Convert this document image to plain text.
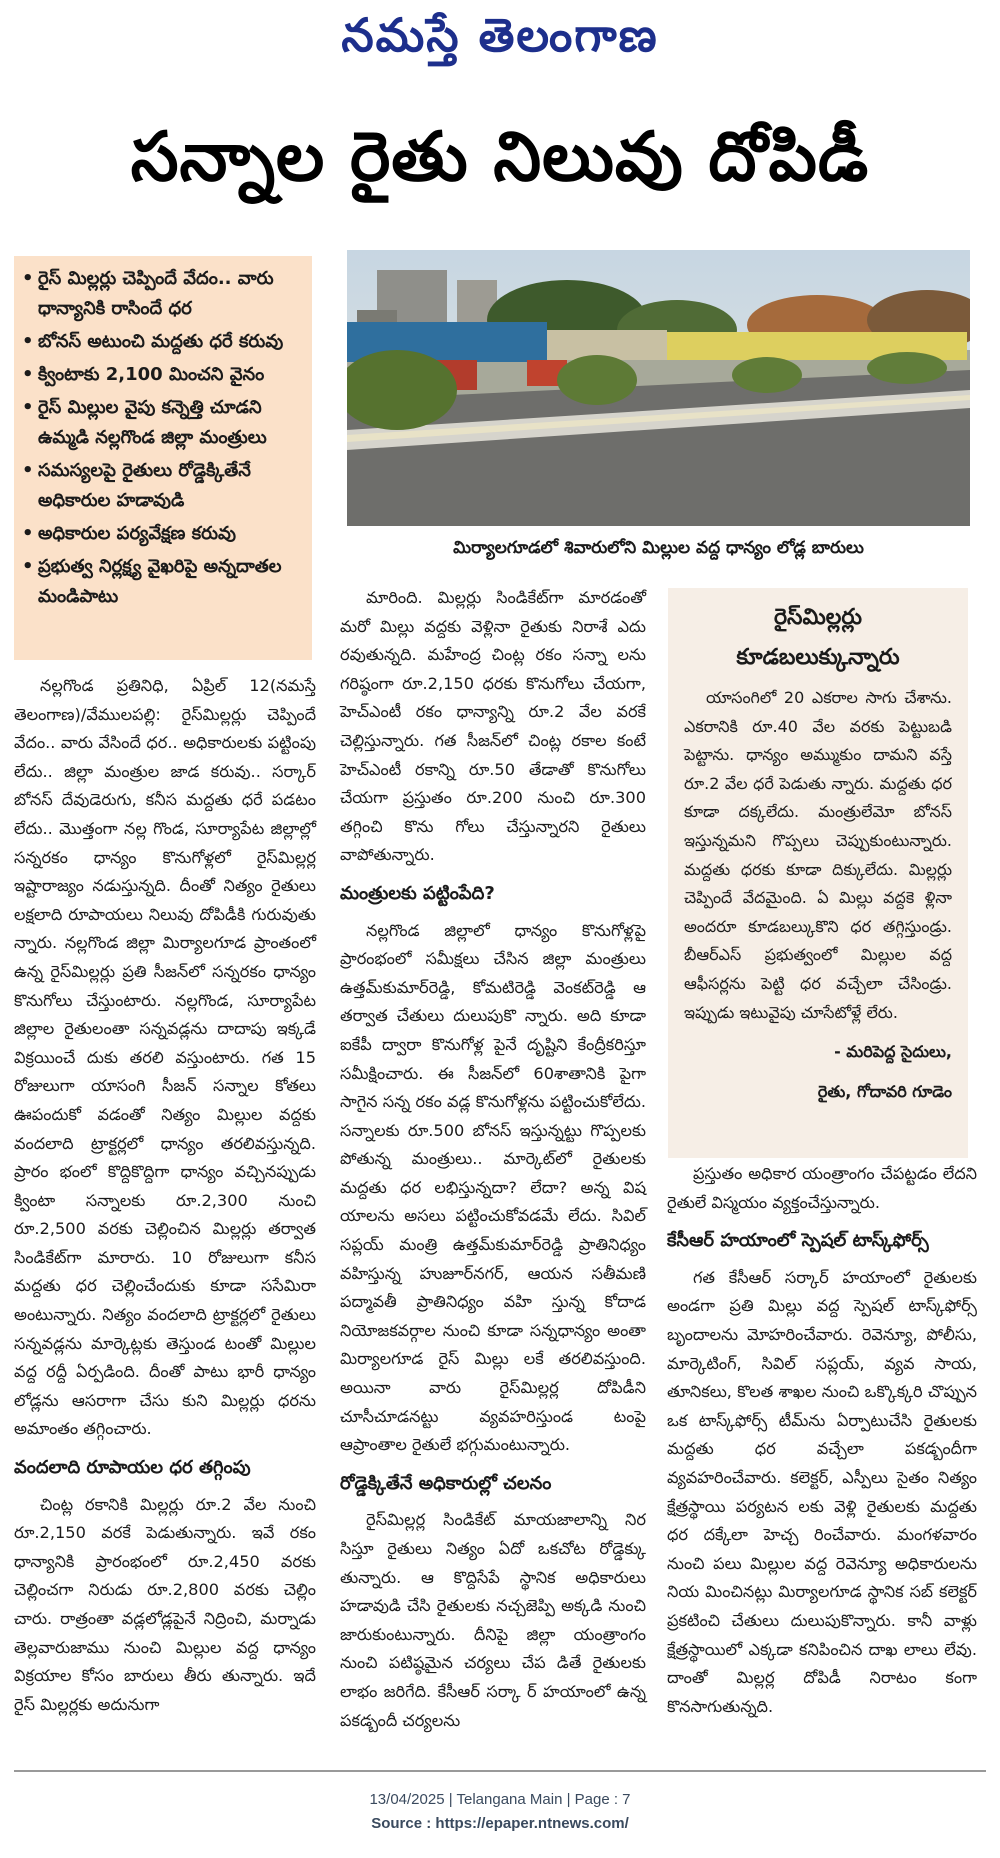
నమస్తే తెలంగాణ
సన్నాల రైతు నిలువు దోపిడీ
• రైస్ మిల్లర్లు చెప్పిందే వేదం.. వారు ధాన్యానికి రాసిందే ధర
• బోనస్ అటుంచి మద్దతు ధరే కరువు
• క్వింటాకు 2,100 మించని వైనం
• రైస్ మిల్లుల వైపు కన్నెత్తి చూడని ఉమ్మడి నల్లగొండ జిల్లా మంత్రులు
• సమస్యలపై రైతులు రోడ్డెక్కితేనే అధికారుల హడావుడి
• అధికారుల పర్యవేక్షణ కరువు
• ప్రభుత్వ నిర్లక్ష్య వైఖరిపై అన్నదాతల మండిపాటు
మిర్యాలగూడలో శివారులోని మిల్లుల వద్ద ధాన్యం లోడ్ల బారులు

నల్లగొండ ప్రతినిధి, ఏప్రిల్ 12(నమస్తే తెలంగాణ)/వేములపల్లి: రైస్‌మిల్లర్లు చెప్పిందే వేదం.. వారు వేసిందే ధర.. అధికారులకు పట్టింపు లేదు.. జిల్లా మంత్రుల జాడ కరువు.. సర్కార్ బోనస్ దేవుడెరుగు, కనీస మద్దతు ధరే పడటం లేదు.. మొత్తంగా నల్ల గొండ, సూర్యాపేట జిల్లాల్లో సన్నరకం ధాన్యం కొనుగోళ్లలో రైస్‌మిల్లర్ల ఇష్టారాజ్యం నడుస్తున్నది. దీంతో నిత్యం రైతులు లక్షలాది రూపాయలు నిలువు దోపిడీకి గురువుతు న్నారు. నల్లగొండ జిల్లా మిర్యాలగూడ ప్రాంతంలో ఉన్న రైస్‌మిల్లర్లు ప్రతి సీజన్‌లో సన్నరకం ధాన్యం కొనుగోలు చేస్తుంటారు. నల్లగొండ, సూర్యాపేట జిల్లాల రైతులంతా సన్నవడ్లను దాదాపు ఇక్కడే విక్రయించే దుకు తరలి వస్తుంటారు. గత 15 రోజులుగా యాసంగి సీజన్ సన్నాల కోతలు ఊపందుకో వడంతో నిత్యం మిల్లుల వద్దకు వందలాది ట్రాక్టర్లలో ధాన్యం తరలివస్తున్నది. ప్రారం భంలో కొద్దికొద్దిగా ధాన్యం వచ్చినప్పుడు క్వింటా సన్నాలకు రూ.2,300 నుంచి రూ.2,500 వరకు చెల్లించిన మిల్లర్లు తర్వాత సిండికేట్‌గా మారారు. 10 రోజులుగా కనీస మద్దతు ధర చెల్లించేందుకు కూడా ససేమిరా అంటున్నారు. నిత్యం వందలాది ట్రాక్టర్లలో రైతులు సన్నవడ్లను మార్కెట్లకు తెస్తుండ టంతో మిల్లుల వద్ద రద్దీ ఏర్పడింది. దీంతో పాటు భారీ ధాన్యం లోడ్లను ఆసరాగా చేసు కుని మిల్లర్లు ధరను అమాంతం తగ్గించారు.

వందలాది రూపాయల ధర తగ్గింపు

చింట్ల రకానికి మిల్లర్లు రూ.2 వేల నుంచి రూ.2,150 వరకే పెడుతున్నారు. ఇవే రకం ధాన్యానికి ప్రారంభంలో రూ.2,450 వరకు చెల్లించగా నిరుడు రూ.2,800 వరకు చెల్లిం చారు. రాత్రంతా వడ్లలోడ్లపైనే నిద్రించి, మర్నాడు తెల్లవారుజాము నుంచి మిల్లుల వద్ద ధాన్యం విక్రయాల కోసం బారులు తీరు తున్నారు. ఇదే రైస్ మిల్లర్లకు అదునుగా

మారింది. మిల్లర్లు సిండికేట్‌గా మారడంతో మరో మిల్లు వద్దకు వెళ్లినా రైతుకు నిరాశే ఎదు రవుతున్నది. మహేంద్ర చింట్ల రకం సన్నా లను గరిష్ఠంగా రూ.2,150 ధరకు కొనుగోలు చేయగా, హెచ్ఎంటీ రకం ధాన్యాన్ని రూ.2 వేల వరకే చెల్లిస్తున్నారు. గత సీజన్‌లో చింట్ల రకాల కంటే హెచ్ఎంటీ రకాన్ని రూ.50 తేడాతో కొనుగోలు చేయగా ప్రస్తుతం రూ.200 నుంచి రూ.300 తగ్గించి కొను గోలు చేస్తున్నారని రైతులు వాపోతున్నారు.

మంత్రులకు పట్టింపేది?

నల్లగొండ జిల్లాలో ధాన్యం కొనుగోళ్లపై ప్రారంభంలో సమీక్షలు చేసిన జిల్లా మంత్రులు ఉత్తమ్‌కుమార్‌రెడ్డి, కోమటిరెడ్డి వెంకట్‌రెడ్డి ఆ తర్వాత చేతులు దులుపుకొ న్నారు. అది కూడా ఐకేపీ ద్వారా కొనుగోళ్ల పైనే దృష్టిని కేంద్రీకరిస్తూ సమీక్షించారు. ఈ సీజన్‌లో 60శాతానికి పైగా సాగైన సన్న రకం వడ్ల కొనుగోళ్లను పట్టించుకోలేదు. సన్నాలకు రూ.500 బోనస్ ఇస్తున్నట్టు గొప్పలకు పోతున్న మంత్రులు.. మార్కెట్‌లో రైతులకు మద్దతు ధర లభిస్తున్నదా? లేదా? అన్న విష యాలను అసలు పట్టించుకోవడమే లేదు. సివిల్ సప్లయ్ మంత్రి ఉత్తమ్‌కుమార్‌రెడ్డి ప్రాతినిధ్యం వహిస్తున్న హుజూర్‌నగర్, ఆయన సతీమణి పద్మావతీ ప్రాతినిధ్యం వహి స్తున్న కోదాడ నియోజకవర్గాల నుంచి కూడా సన్నధాన్యం అంతా మిర్యాలగూడ రైస్ మిల్లు లకే తరలివస్తుంది. అయినా వారు రైస్‌మిల్లర్ల దోపిడీని చూసీచూడనట్టు వ్యవహరిస్తుండ టంపై ఆప్రాంతాల రైతులే భగ్గుమంటున్నారు.

రోడ్డెక్కితేనే అధికారుల్లో చలనం

రైస్‌మిల్లర్ల సిండికేట్ మాయజాలాన్ని నిర సిస్తూ రైతులు నిత్యం ఏదో ఒకచోట రోడ్డెక్కు తున్నారు. ఆ కొద్దిసేపే స్థానిక అధికారులు హడావుడి చేసి రైతులకు నచ్చజెప్పి అక్కడి నుంచి జారుకుంటున్నారు. దీనిపై జిల్లా యంత్రాంగం నుంచి పటిష్ఠమైన చర్యలు చేప డితే రైతులకు లాభం జరిగేది. కేసీఆర్ సర్కా ర్ హయాంలో ఉన్న పకడ్బందీ చర్యలను

రైస్‌మిల్లర్లు
కూడబలుక్కున్నారు

యాసంగిలో 20 ఎకరాల సాగు చేశాను. ఎకరానికి రూ.40 వేల వరకు పెట్టుబడి పెట్టాను. ధాన్యం అమ్ముకుం దామని వస్తే రూ.2 వేల ధరే పెడుతు న్నారు. మద్దతు ధర కూడా దక్కలేదు. మంత్రులేమో బోనస్ ఇస్తున్నమని గొప్పలు చెప్పుకుంటున్నారు. మద్దతు ధరకు కూడా దిక్కులేదు. మిల్లర్లు చెప్పిందే వేదమైంది. ఏ మిల్లు వద్దకె ళ్లినా అందరూ కూడబల్కుకొని ధర తగ్గిస్తుండ్రు. బీఆర్ఎస్ ప్రభుత్వంలో మిల్లుల వద్ద ఆఫీసర్లను పెట్టి ధర వచ్చేలా చేసిండ్రు. ఇప్పుడు ఇటువైపు చూసేటోళ్లే లేరు.

- మరిపెద్ద సైదులు,
రైతు, గోదావరి గూడెం

ప్రస్తుతం అధికార యంత్రాంగం చేపట్టడం లేదని రైతులే విస్మయం వ్యక్తంచేస్తున్నారు.

కేసీఆర్ హయాంలో స్పెషల్ టాస్క్‌ఫోర్స్

గత కేసీఆర్ సర్కార్ హయాంలో రైతులకు అండగా ప్రతి మిల్లు వద్ద స్పెషల్ టాస్క్‌ఫోర్స్ బృందాలను మోహరించేవారు. రెవెన్యూ, పోలీసు, మార్కెటింగ్, సివిల్ సప్లయ్, వ్యవ సాయ, తూనికలు, కొలత శాఖల నుంచి ఒక్కొక్కరి చొప్పున ఒక టాస్క్‌ఫోర్స్ టీమ్‌ను ఏర్పాటుచేసి రైతులకు మద్దతు ధర వచ్చేలా పకడ్బందీగా వ్యవహరించేవారు. కలెక్టర్, ఎస్పీలు సైతం నిత్యం క్షేత్రస్థాయి పర్యటన లకు వెళ్లి రైతులకు మద్దతు ధర దక్కేలా హెచ్చ రించేవారు. మంగళవారం నుంచి పలు మిల్లుల వద్ద రెవెన్యూ అధికారులను నియ మించినట్లు మిర్యాలగూడ స్థానిక సబ్ కలెక్టర్ ప్రకటించి చేతులు దులుపుకొన్నారు. కానీ వాళ్లు క్షేత్రస్థాయిలో ఎక్కడా కనిపించిన దాఖ లాలు లేవు. దాంతో మిల్లర్ల దోపిడీ నిరాటం కంగా కొనసాగుతున్నది.

13/04/2025 | Telangana Main | Page : 7
Source : https://epaper.ntnews.com/
